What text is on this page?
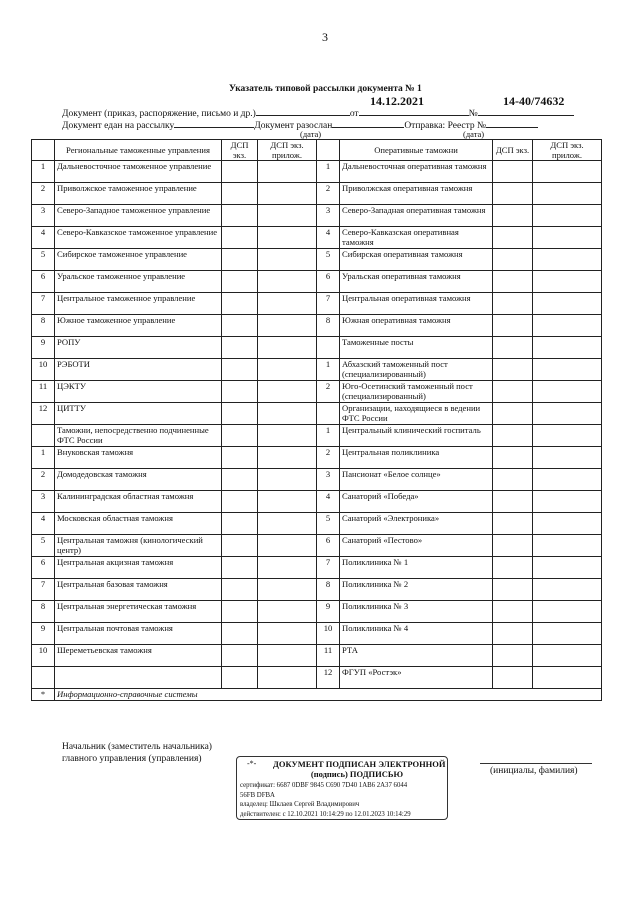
3
Указатель типовой рассылки документа № 1
14.12.2021	14-40/74632
Документ (приказ, распоряжение, письмо и др.)	от	№
Документ едан на рассылку	Документ разослан	Отправка: Реестр №
(дата)	(дата)
	Региональные таможенные управления	ДСП экз.	ДСП экз. прилож.		Оперативные таможни	ДСП экз.	ДСП экз. прилож.
1	Дальневосточное таможенное управление			1	Дальневосточная оперативная таможня		
2	Приволжское таможенное управление			2	Приволжская оперативная таможня		
3	Северо-Западное таможенное управление			3	Северо-Западная оперативная таможня		
4	Северо-Кавказское таможенное управление			4	Северо-Кавказская оперативная таможня		
5	Сибирское таможенное управление			5	Сибирская оперативная таможня		
6	Уральское таможенное управление			6	Уральская оперативная таможня		
7	Центральное таможенное управление			7	Центральная оперативная таможня		
8	Южное таможенное управление			8	Южная оперативная таможня		
9	РОПУ				Таможенные посты		
10	РЭБОТИ			1	Абхазский таможенный пост (специализированный)		
11	ЦЭКТУ			2	Юго-Осетинский таможенный пост (специализированный)		
12	ЦИТТУ				Организации, находящиеся в ведении ФТС России		
	Таможни, непосредственно подчиненные ФТС России			1	Центральный клинический госпиталь		
1	Внуковская таможня			2	Центральная поликлиника		
2	Домодедовская таможня			3	Пансионат «Белое солнце»		
3	Калининградская областная таможня			4	Санаторий «Победа»		
4	Московская областная таможня			5	Санаторий «Электроника»		
5	Центральная таможня (кинологический центр)			6	Санаторий «Пестово»		
6	Центральная акцизная таможня			7	Поликлиника № 1		
7	Центральная базовая таможня			8	Поликлиника № 2		
8	Центральная энергетическая таможня			9	Поликлиника № 3		
9	Центральная почтовая таможня			10	Поликлиника № 4		
10	Шереметьевская таможня			11	РТА		
				12	ФГУП «Ростэк»		
*	Информационно-справочные системы						
Начальник (заместитель начальника) главного управления (управления)	-*- ДОКУМЕНТ ПОДПИСАН ЭЛЕКТРОННОЙ
(подпись) ПОДПИСЬЮ
сертификат: 6687 0DBF 9845 C690 7D40 1AB6 2A37 6044
56FB DFBA
владелец: Шклаев Сергей Владимирович
действителен: с 12.10.2021 10:14:29 по 12.01.2023 10:14:29
(инициалы, фамилия)
